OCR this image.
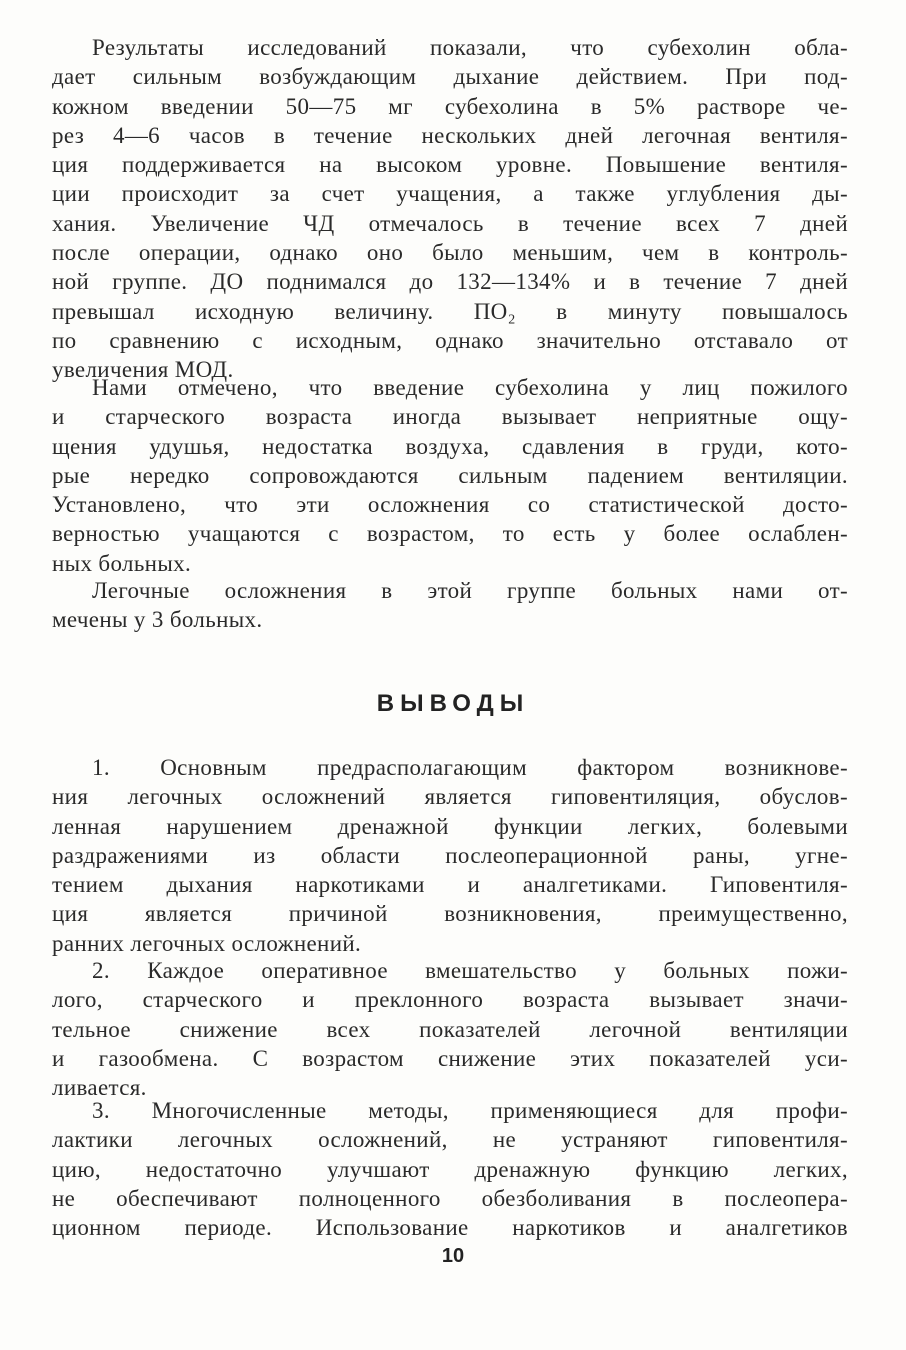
Результаты исследований показали, что субехолин обла-
дает сильным возбуждающим дыхание действием. При под-
кожном введении 50—75 мг субехолина в 5% растворе че-
рез 4—6 часов в течение нескольких дней легочная вентиля-
ция поддерживается на высоком уровне. Повышение вентиля-
ции происходит за счет учащения, а также углубления ды-
хания. Увеличение ЧД отмечалось в течение всех 7 дней
после операции, однако оно было меньшим, чем в контроль-
ной группе. ДО поднимался до 132—134% и в течение 7 дней
превышал исходную величину. ПО₂ в минуту повышалось
по сравнению с исходным, однако значительно отставало от
увеличения МОД.
Нами отмечено, что введение субехолина у лиц пожилого
и старческого возраста иногда вызывает неприятные ощу-
щения удушья, недостатка воздуха, сдавления в груди, кото-
рые нередко сопровождаются сильным падением вентиляции.
Установлено, что эти осложнения со статистической досто-
верностью учащаются с возрастом, то есть у более ослаблен-
ных больных.
Легочные осложнения в этой группе больных нами от-
мечены у 3 больных.
ВЫВОДЫ
1. Основным предрасполагающим фактором возникнове-
ния легочных осложнений является гиповентиляция, обуслов-
ленная нарушением дренажной функции легких, болевыми
раздражениями из области послеоперационной раны, угне-
тением дыхания наркотиками и аналгетиками. Гиповентиля-
ция является причиной возникновения, преимущественно,
ранних легочных осложнений.
2. Каждое оперативное вмешательство у больных пожи-
лого, старческого и преклонного возраста вызывает значи-
тельное снижение всех показателей легочной вентиляции
и газообмена. С возрастом снижение этих показателей уси-
ливается.
3. Многочисленные методы, применяющиеся для профи-
лактики легочных осложнений, не устраняют гиповентиля-
цию, недостаточно улучшают дренажную функцию легких,
не обеспечивают полноценного обезболивания в послеопера-
ционном периоде. Использование наркотиков и аналгетиков
10
